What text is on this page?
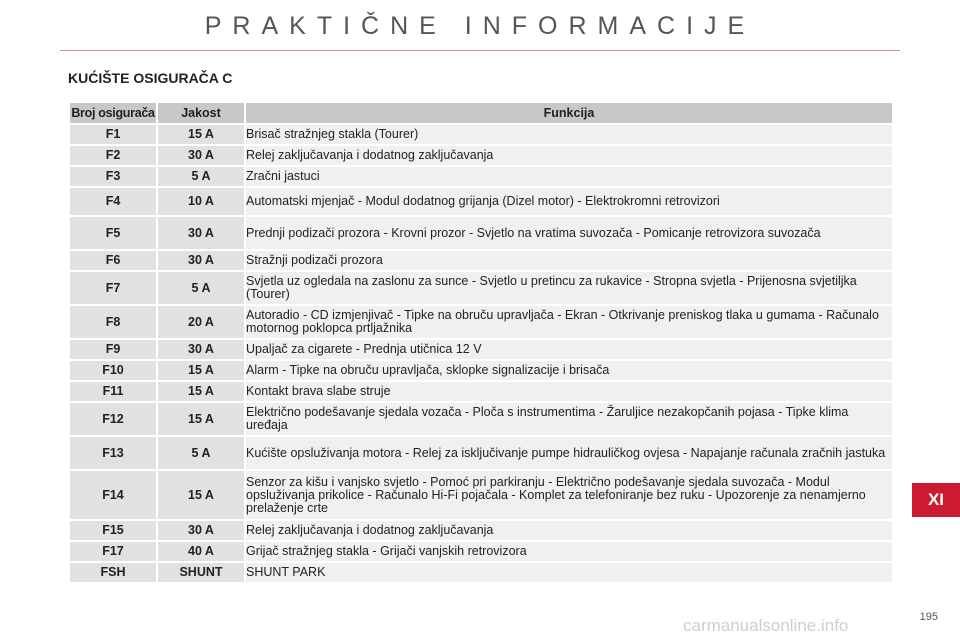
PRAKTIČNE INFORMACIJE
KUĆIŠTE OSIGURAČA C
Broj osigurača	Jakost	Funkcija
F1	15 A	Brisač stražnjeg stakla (Tourer)
F2	30 A	Relej zaključavanja i dodatnog zaključavanja
F3	5 A	Zračni jastuci
F4	10 A	Automatski mjenjač - Modul dodatnog grijanja (Dizel motor) - Elektrokromni retrovizori
F5	30 A	Prednji podizači prozora - Krovni prozor - Svjetlo na vratima suvozača - Pomicanje retrovizora suvozača
F6	30 A	Stražnji podizači prozora
F7	5 A	Svjetla uz ogledala na zaslonu za sunce - Svjetlo u pretincu za rukavice - Stropna svjetla - Prijenosna svjetiljka (Tourer)
F8	20 A	Autoradio - CD izmjenjivač - Tipke na obruču upravljača - Ekran - Otkrivanje preniskog tlaka u gumama - Računalo motornog poklopca prtljažnika
F9	30 A	Upaljač za cigarete - Prednja utičnica 12 V
F10	15 A	Alarm - Tipke na obruču upravljača, sklopke signalizacije i brisača
F11	15 A	Kontakt brava slabe struje
F12	15 A	Električno podešavanje sjedala vozača - Ploča s instrumentima - Žaruljice nezakopčanih pojasa - Tipke klima uređaja
F13	5 A	Kućište opsluživanja motora - Relej za isključivanje pumpe hidrauličkog ovjesa - Napajanje računala zračnih jastuka
F14	15 A	Senzor za kišu i vanjsko svjetlo - Pomoć pri parkiranju - Električno podešavanje sjedala suvozača - Modul opsluživanja prikolice - Računalo Hi-Fi pojačala - Komplet za telefoniranje bez ruku - Upozorenje za nenamjerno prelaženje crte
F15	30 A	Relej zaključavanja i dodatnog zaključavanja
F17	40 A	Grijač stražnjeg stakla - Grijači vanjskih retrovizora
FSH	SHUNT	SHUNT PARK
XI
195
carmanualsonline.info
